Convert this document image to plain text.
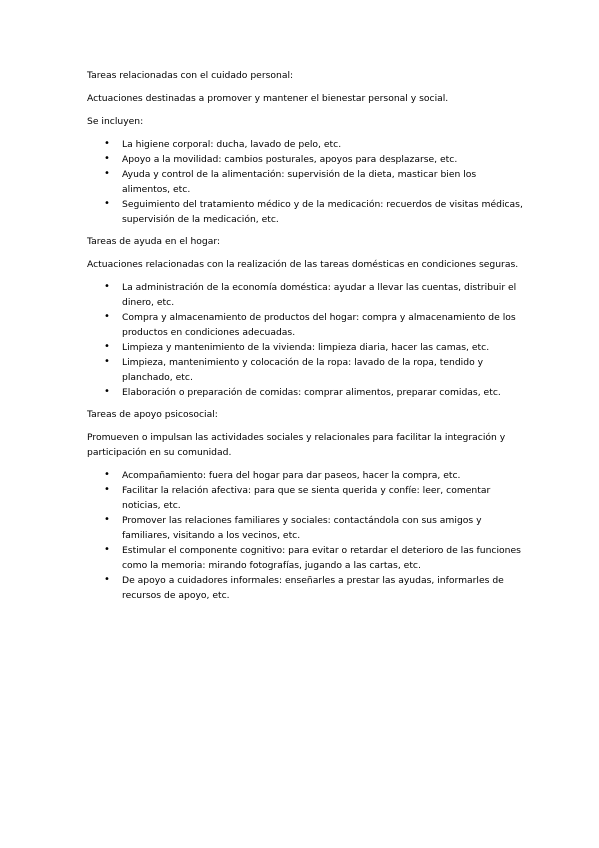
Tareas relacionadas con el cuidado personal:

Actuaciones destinadas a promover y mantener el bienestar personal y social.

Se incluyen:

• La higiene corporal: ducha, lavado de pelo, etc.
• Apoyo a la movilidad: cambios posturales, apoyos para desplazarse, etc.
• Ayuda y control de la alimentación: supervisión de la dieta, masticar bien los alimentos, etc.
• Seguimiento del tratamiento médico y de la medicación: recuerdos de visitas médicas, supervisión de la medicación, etc.

Tareas de ayuda en el hogar:

Actuaciones relacionadas con la realización de las tareas domésticas en condiciones seguras.

• La administración de la economía doméstica: ayudar a llevar las cuentas, distribuir el dinero, etc.
• Compra y almacenamiento de productos del hogar: compra y almacenamiento de los productos en condiciones adecuadas.
• Limpieza y mantenimiento de la vivienda: limpieza diaria, hacer las camas, etc.
• Limpieza, mantenimiento y colocación de la ropa: lavado de la ropa, tendido y planchado, etc.
• Elaboración o preparación de comidas: comprar alimentos, preparar comidas, etc.

Tareas de apoyo psicosocial:

Promueven o impulsan las actividades sociales y relacionales para facilitar la integración y participación en su comunidad.

• Acompañamiento: fuera del hogar para dar paseos, hacer la compra, etc.
• Facilitar la relación afectiva: para que se sienta querida y confíe: leer, comentar noticias, etc.
• Promover las relaciones familiares y sociales: contactándola con sus amigos y familiares, visitando a los vecinos, etc.
• Estimular el componente cognitivo: para evitar o retardar el deterioro de las funciones como la memoria: mirando fotografías, jugando a las cartas, etc.
• De apoyo a cuidadores informales: enseñarles a prestar las ayudas, informarles de recursos de apoyo, etc.
